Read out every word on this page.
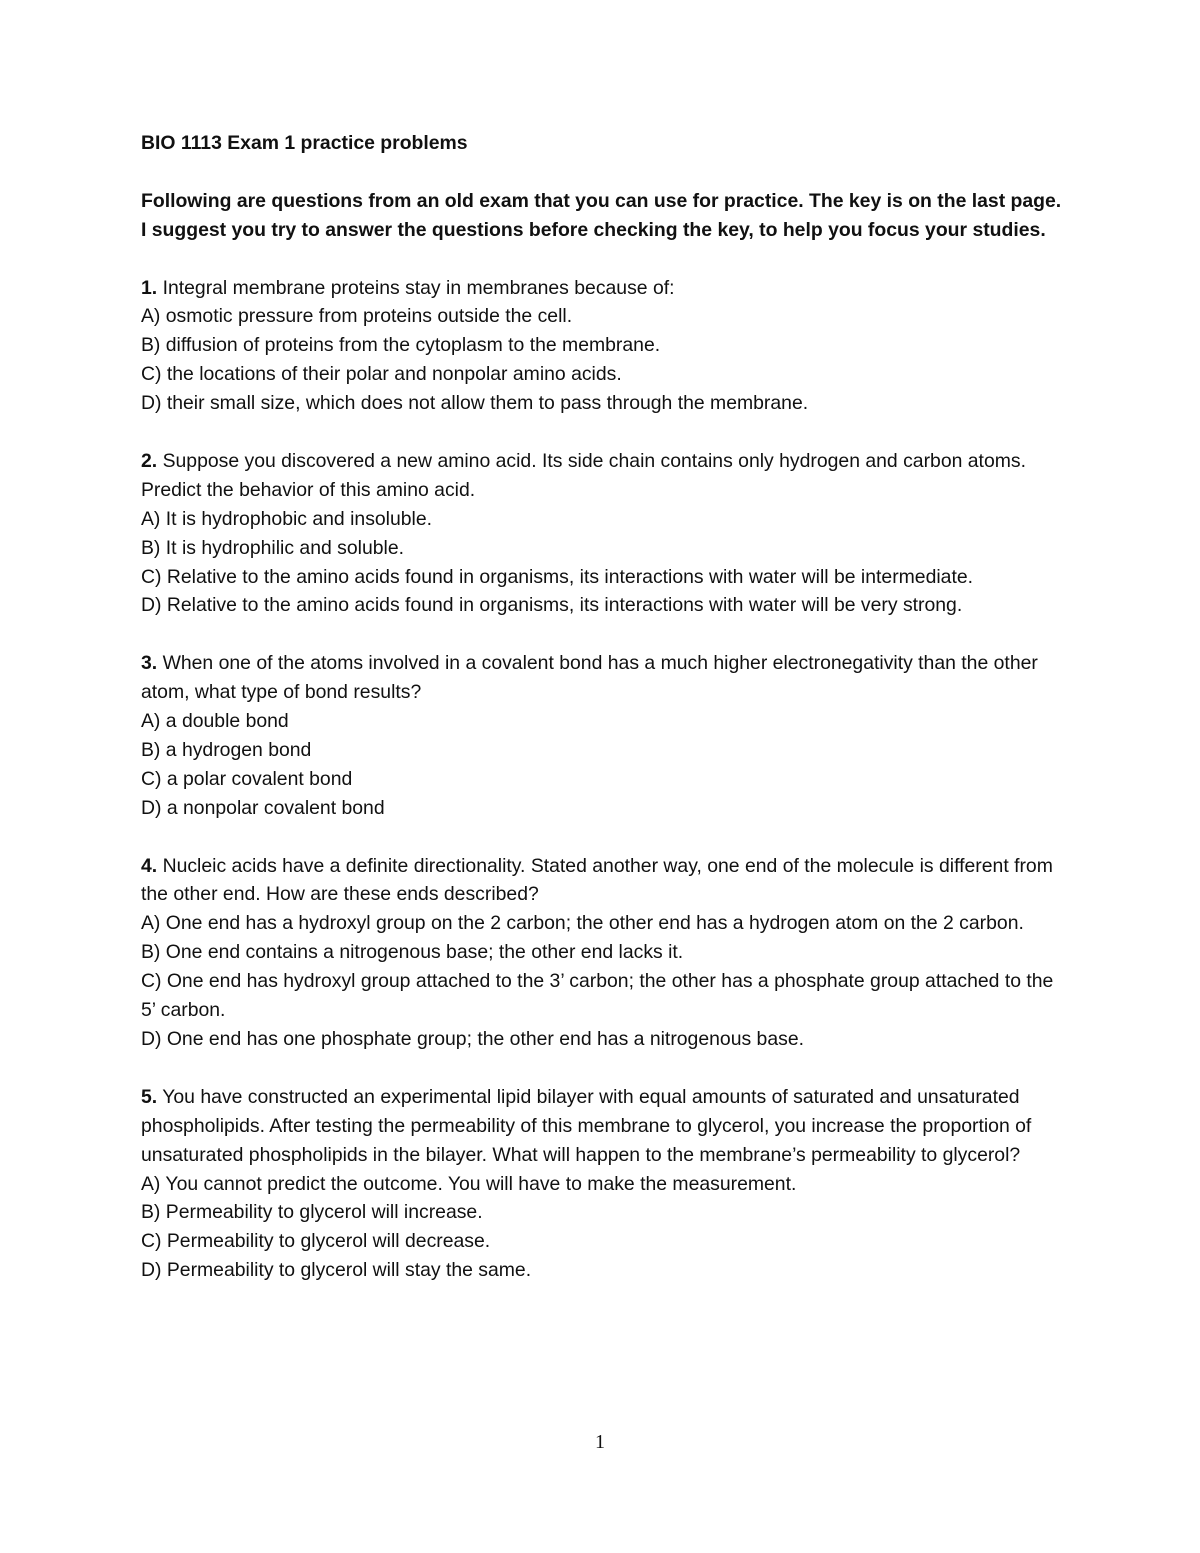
BIO 1113 Exam 1 practice problems

Following are questions from an old exam that you can use for practice. The key is on the last page. I suggest you try to answer the questions before checking the key, to help you focus your studies.

1. Integral membrane proteins stay in membranes because of:

A) osmotic pressure from proteins outside the cell.

B) diffusion of proteins from the cytoplasm to the membrane.

C) the locations of their polar and nonpolar amino acids.

D) their small size, which does not allow them to pass through the membrane.

2. Suppose you discovered a new amino acid. Its side chain contains only hydrogen and carbon atoms. Predict the behavior of this amino acid.

A) It is hydrophobic and insoluble.

B) It is hydrophilic and soluble.

C) Relative to the amino acids found in organisms, its interactions with water will be intermediate.

D) Relative to the amino acids found in organisms, its interactions with water will be very strong.

3. When one of the atoms involved in a covalent bond has a much higher electronegativity than the other atom, what type of bond results?

A) a double bond

B) a hydrogen bond

C) a polar covalent bond

D) a nonpolar covalent bond

4. Nucleic acids have a definite directionality. Stated another way, one end of the molecule is different from the other end. How are these ends described?

A) One end has a hydroxyl group on the 2 carbon; the other end has a hydrogen atom on the 2 carbon.

B) One end contains a nitrogenous base; the other end lacks it.

C) One end has hydroxyl group attached to the 3’ carbon; the other has a phosphate group attached to the 5’ carbon.

D) One end has one phosphate group; the other end has a nitrogenous base.

5. You have constructed an experimental lipid bilayer with equal amounts of saturated and unsaturated phospholipids. After testing the permeability of this membrane to glycerol, you increase the proportion of unsaturated phospholipids in the bilayer. What will happen to the membrane’s permeability to glycerol?

A) You cannot predict the outcome. You will have to make the measurement.

B) Permeability to glycerol will increase.

C) Permeability to glycerol will decrease.

D) Permeability to glycerol will stay the same.

1
